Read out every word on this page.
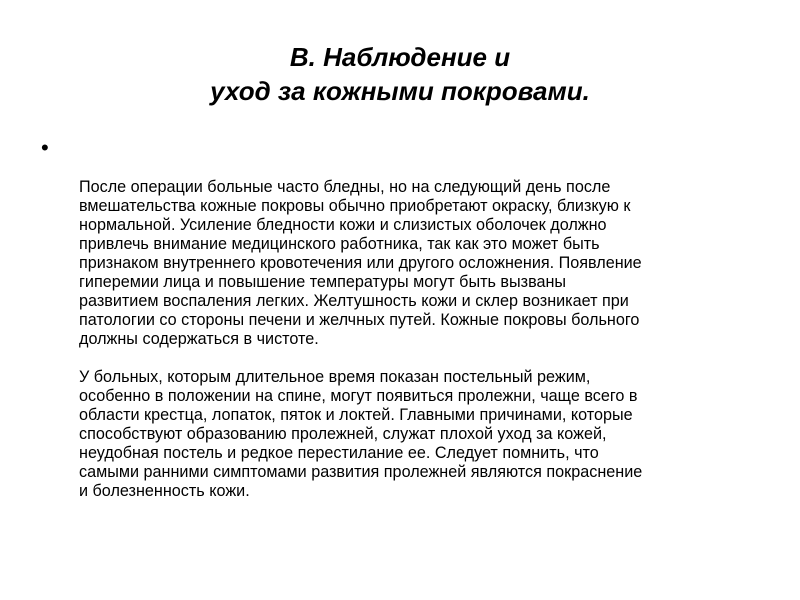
В. Наблюдение и
уход за кожными покровами.
•

После операции больные часто бледны, но на следующий день после
вмешательства кожные покровы обычно приобретают окраску, близкую к
нормальной. Усиление бледности кожи и слизистых оболочек должно
привлечь внимание медицинского работника, так как это может быть
признаком внутреннего кровотечения или другого осложнения. Появление
гиперемии лица и повышение температуры могут быть вызваны
развитием воспаления легких. Желтушность кожи и склер возникает при
патологии со стороны печени и желчных путей. Кожные покровы больного
должны содержаться в чистоте.

У больных, которым длительное время показан постельный режим,
особенно в положении на спине, могут появиться пролежни, чаще всего в
области крестца, лопаток, пяток и локтей. Главными причинами, которые
способствуют образованию пролежней, служат плохой уход за кожей,
неудобная постель и редкое перестилание ее. Следует помнить, что
самыми ранними симптомами развития пролежней являются покраснение
и болезненность кожи.
